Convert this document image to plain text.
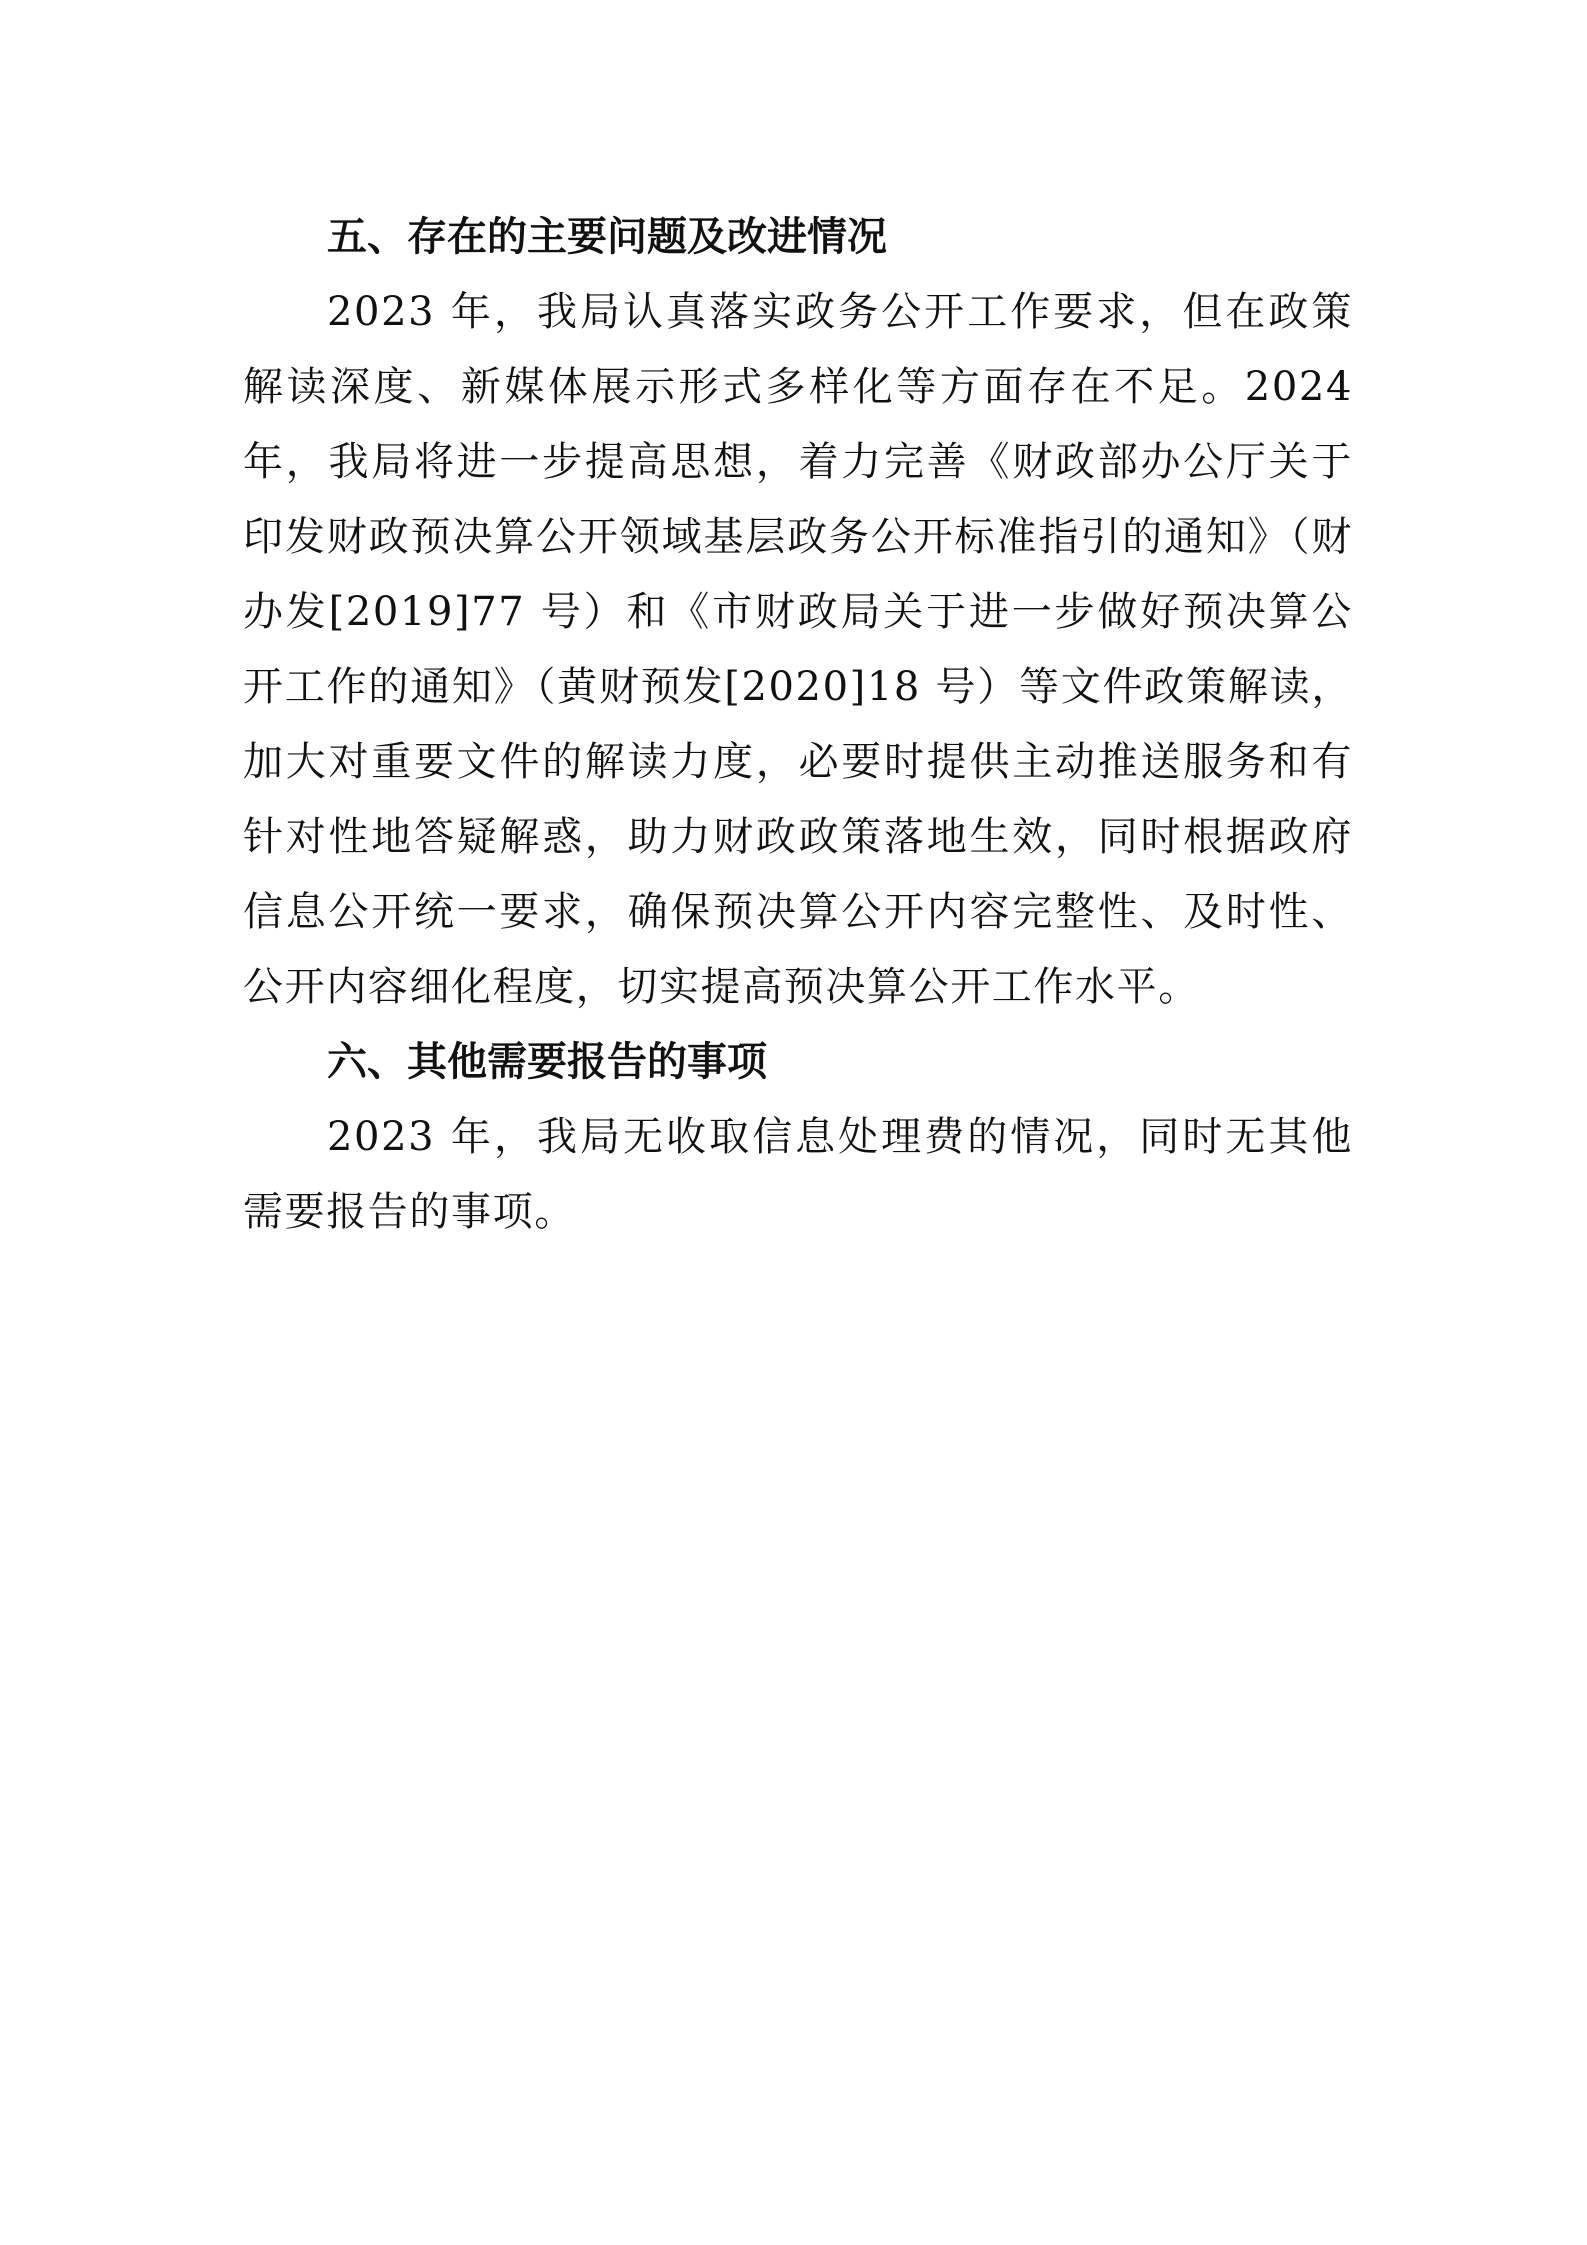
五、存在的主要问题及改进情况

2023 年，我局认真落实政务公开工作要求，但在政策解读深度、新媒体展示形式多样化等方面存在不足。2024 年，我局将进一步提高思想，着力完善《财政部办公厅关于印发财政预决算公开领域基层政务公开标准指引的通知》（财办发[2019]77 号）和《市财政局关于进一步做好预决算公开工作的通知》（黄财预发[2020]18 号）等文件政策解读，加大对重要文件的解读力度，必要时提供主动推送服务和有针对性地答疑解惑，助力财政政策落地生效，同时根据政府信息公开统一要求，确保预决算公开内容完整性、及时性、公开内容细化程度，切实提高预决算公开工作水平。

六、其他需要报告的事项

2023 年，我局无收取信息处理费的情况，同时无其他需要报告的事项。
